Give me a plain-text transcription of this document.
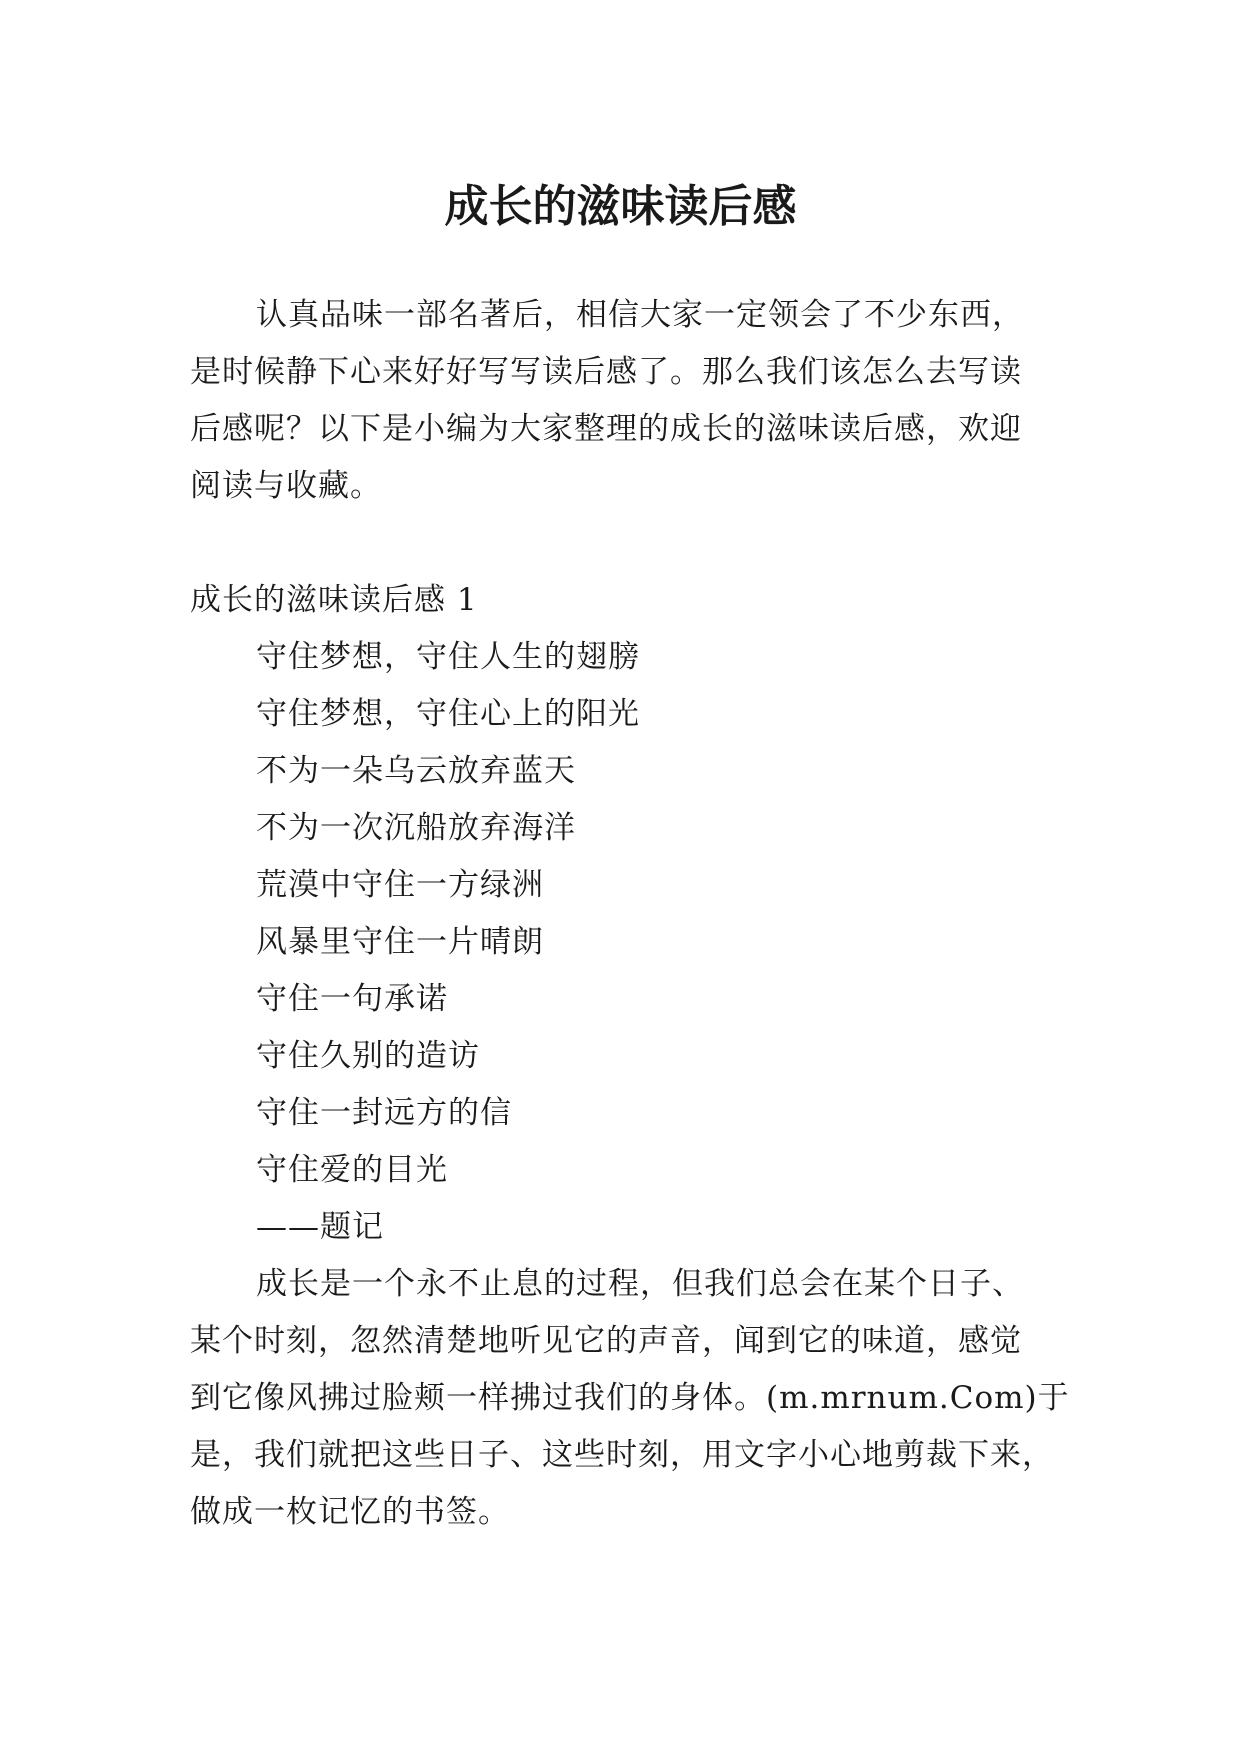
成长的滋味读后感
认真品味一部名著后，相信大家一定领会了不少东西，
是时候静下心来好好写写读后感了。那么我们该怎么去写读
后感呢？以下是小编为大家整理的成长的滋味读后感，欢迎
阅读与收藏。
成长的滋味读后感 1
守住梦想，守住人生的翅膀
守住梦想，守住心上的阳光
不为一朵乌云放弃蓝天
不为一次沉船放弃海洋
荒漠中守住一方绿洲
风暴里守住一片晴朗
守住一句承诺
守住久别的造访
守住一封远方的信
守住爱的目光
——题记
成长是一个永不止息的过程，但我们总会在某个日子、
某个时刻，忽然清楚地听见它的声音，闻到它的味道，感觉
到它像风拂过脸颊一样拂过我们的身体。(m.mrnum.Com)于
是，我们就把这些日子、这些时刻，用文字小心地剪裁下来，
做成一枚记忆的书签。
